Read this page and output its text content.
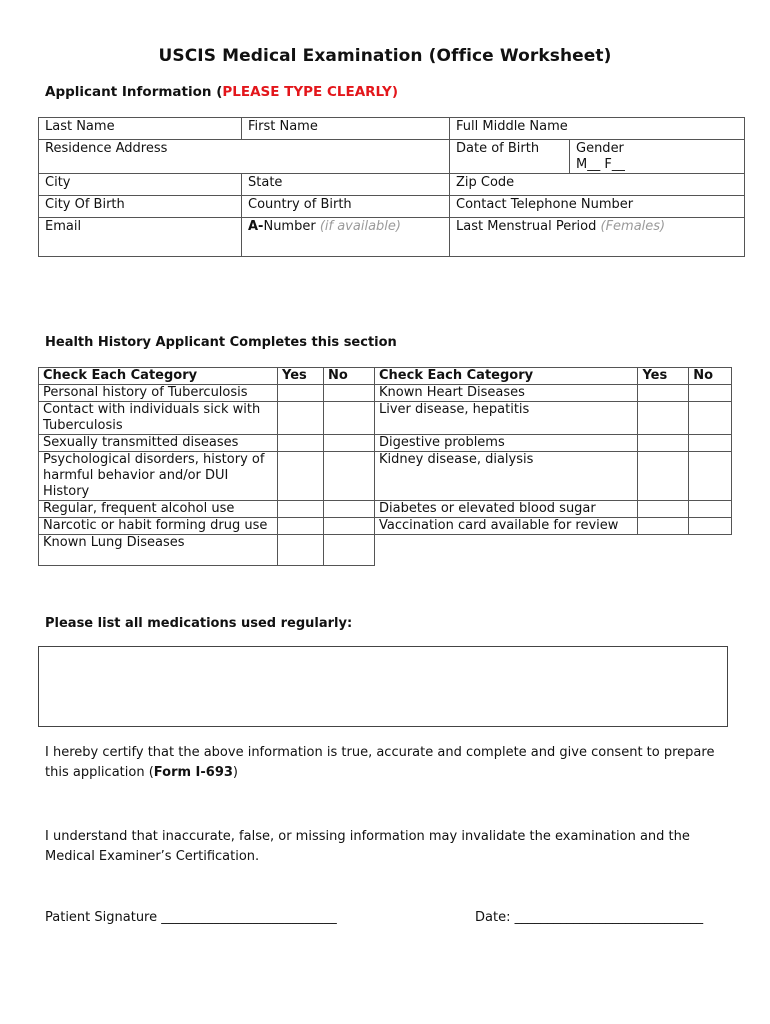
USCIS Medical Examination (Office Worksheet)
Applicant Information (PLEASE TYPE CLEARLY)
Last Name	First Name	Full Middle Name	
Residence Address		Date of Birth	Gender
M__ F__

City	State	Zip Code	
City Of Birth	Country of Birth	Contact Telephone Number	
Email	A-Number (if available)	Last Menstrual Period (Females)	
Health History Applicant Completes this section
Check Each Category	Yes	No
Personal history of Tuberculosis		
Contact with individuals sick with Tuberculosis		
Sexually transmitted diseases		
Psychological disorders, history of harmful behavior and/or DUI History		
Regular, frequent alcohol use		
Narcotic or habit forming drug use		
Known Lung Diseases		
Check Each Category	Yes	No
Known Heart Diseases		
Liver disease, hepatitis		
Digestive problems		
Kidney disease, dialysis		
Diabetes or elevated blood sugar		
Vaccination card available for review		
Please list all medications used regularly:
I hereby certify that the above information is true, accurate and complete and give consent to prepare this application (Form I-693)
I understand that inaccurate, false, or missing information may invalidate the examination and the Medical Examiner’s Certification.
Patient Signature ___________________________	Date: _____________________________
